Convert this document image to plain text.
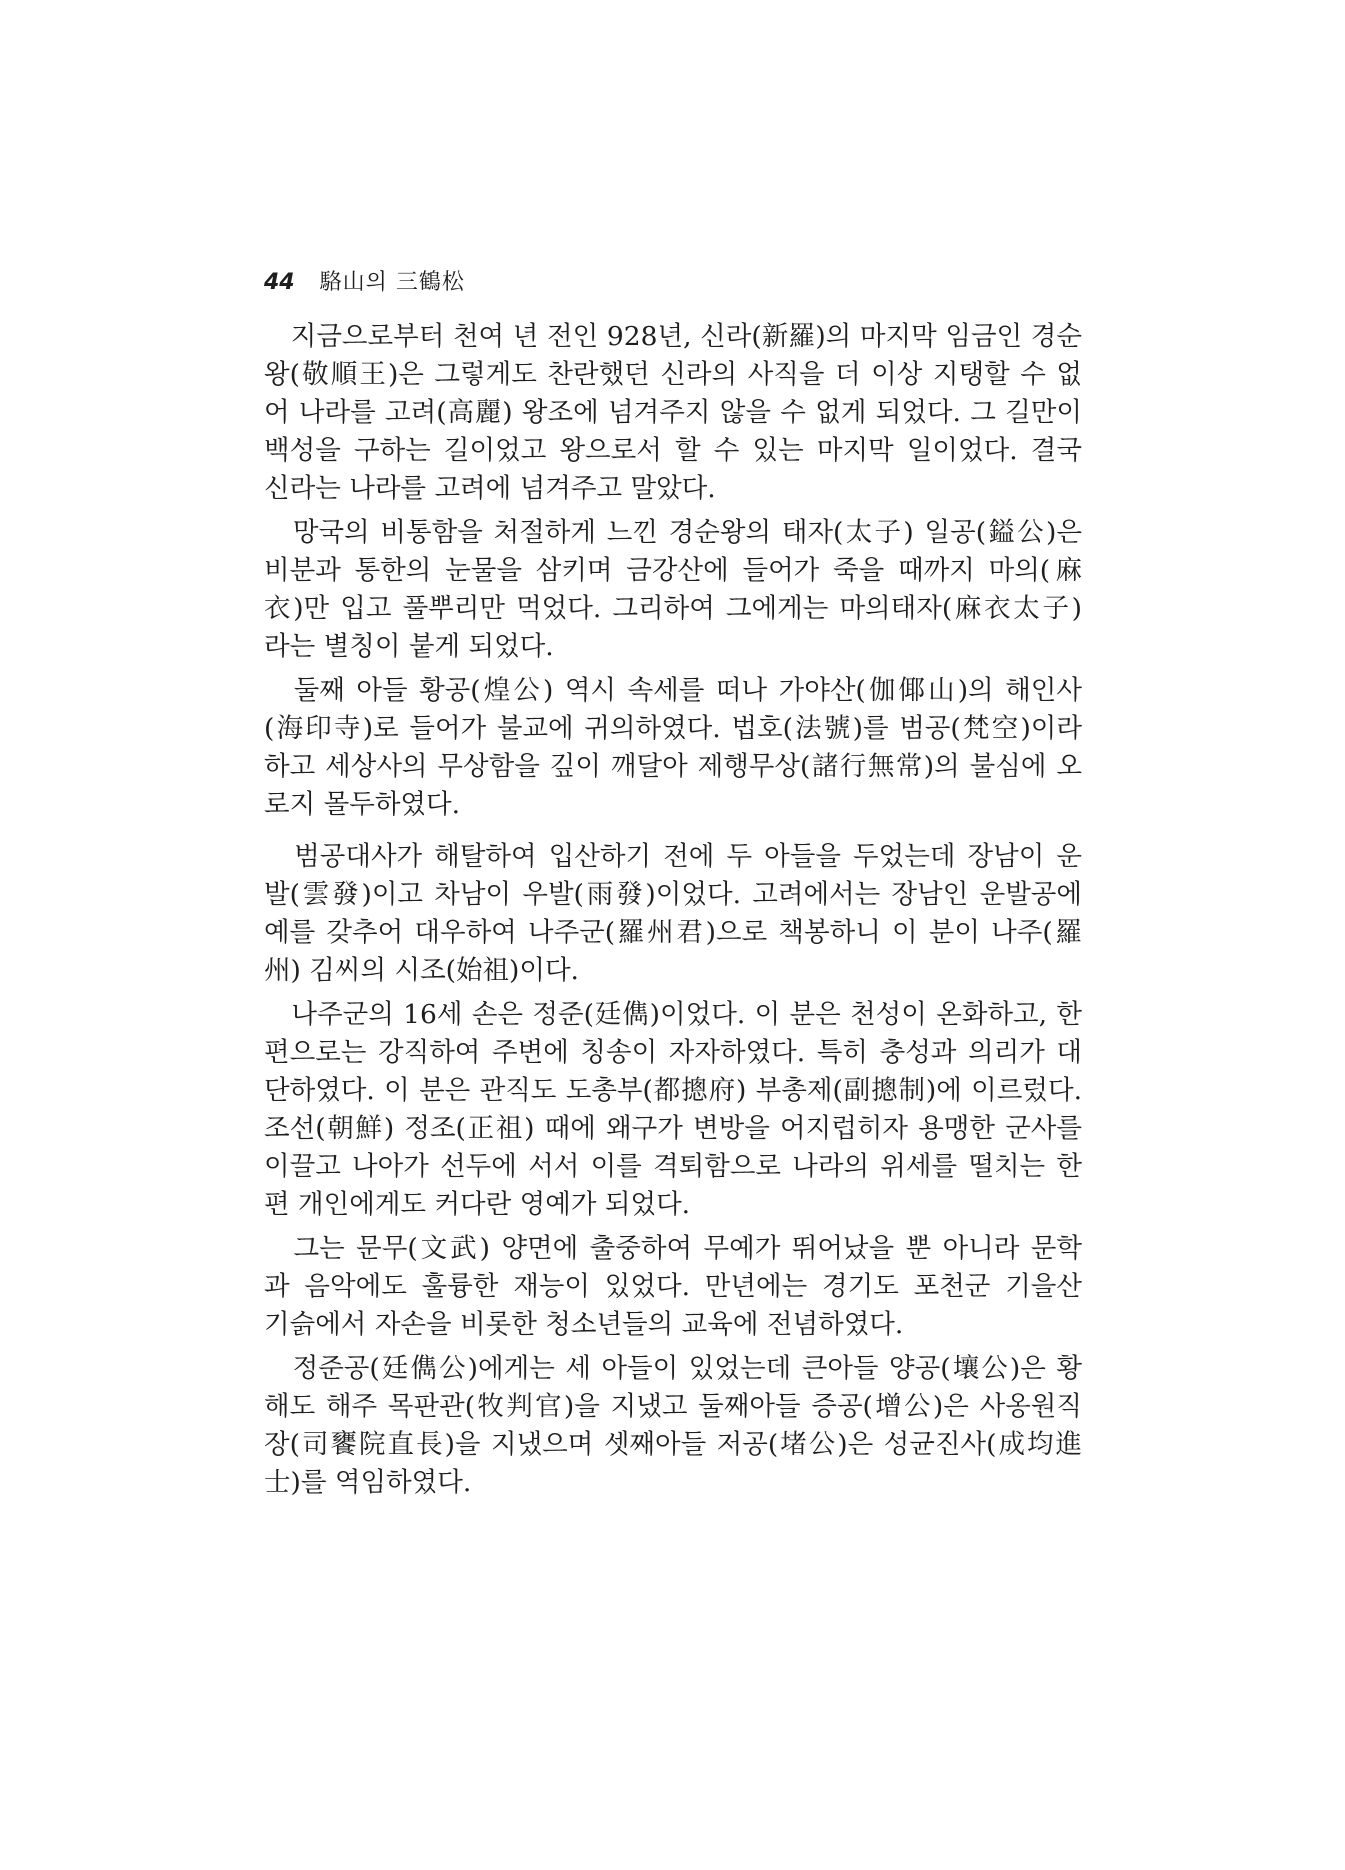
44 駱山의 三鶴松
　지금으로부터 천여 년 전인 928년, 신라(新羅)의 마지막 임금인 경순
왕(敬順王)은 그렇게도 찬란했던 신라의 사직을 더 이상 지탱할 수 없
어 나라를 고려(高麗) 왕조에 넘겨주지 않을 수 없게 되었다. 그 길만이
백성을 구하는 길이었고 왕으로서 할 수 있는 마지막 일이었다. 결국
신라는 나라를 고려에 넘겨주고 말았다.
　망국의 비통함을 처절하게 느낀 경순왕의 태자(太子) 일공(鎰公)은
비분과 통한의 눈물을 삼키며 금강산에 들어가 죽을 때까지 마의(麻
衣)만 입고 풀뿌리만 먹었다. 그리하여 그에게는 마의태자(麻衣太子)
라는 별칭이 붙게 되었다.
　둘째 아들 황공(煌公) 역시 속세를 떠나 가야산(伽倻山)의 해인사
(海印寺)로 들어가 불교에 귀의하였다. 법호(法號)를 범공(梵空)이라
하고 세상사의 무상함을 깊이 깨달아 제행무상(諸行無常)의 불심에 오
로지 몰두하였다.
　범공대사가 해탈하여 입산하기 전에 두 아들을 두었는데 장남이 운
발(雲發)이고 차남이 우발(雨發)이었다. 고려에서는 장남인 운발공에
예를 갖추어 대우하여 나주군(羅州君)으로 책봉하니 이 분이 나주(羅
州) 김씨의 시조(始祖)이다.
　나주군의 16세 손은 정준(廷儁)이었다. 이 분은 천성이 온화하고, 한
편으로는 강직하여 주변에 칭송이 자자하였다. 특히 충성과 의리가 대
단하였다. 이 분은 관직도 도총부(都摠府) 부총제(副摠制)에 이르렀다.
조선(朝鮮) 정조(正祖) 때에 왜구가 변방을 어지럽히자 용맹한 군사를
이끌고 나아가 선두에 서서 이를 격퇴함으로 나라의 위세를 떨치는 한
편 개인에게도 커다란 영예가 되었다.
　그는 문무(文武) 양면에 출중하여 무예가 뛰어났을 뿐 아니라 문학
과 음악에도 훌륭한 재능이 있었다. 만년에는 경기도 포천군 기을산
기슭에서 자손을 비롯한 청소년들의 교육에 전념하였다.
　정준공(廷儁公)에게는 세 아들이 있었는데 큰아들 양공(壤公)은 황
해도 해주 목판관(牧判官)을 지냈고 둘째아들 증공(增公)은 사옹원직
장(司饔院直長)을 지냈으며 셋째아들 저공(堵公)은 성균진사(成均進
士)를 역임하였다.
